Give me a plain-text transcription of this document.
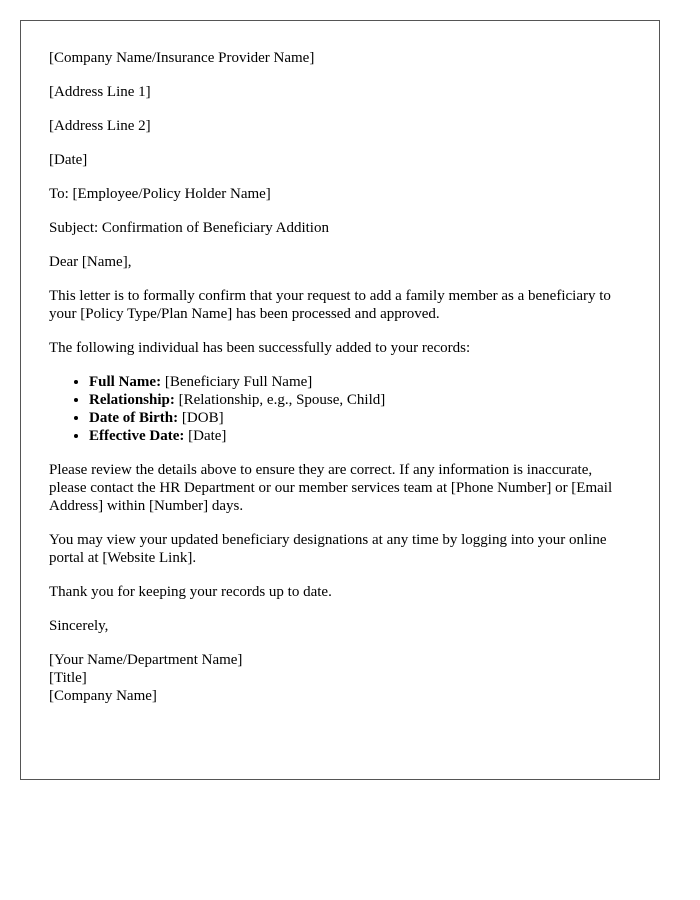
[Company Name/Insurance Provider Name]

[Address Line 1]

[Address Line 2]

[Date]

To: [Employee/Policy Holder Name]

Subject: Confirmation of Beneficiary Addition

Dear [Name],

This letter is to formally confirm that your request to add a family member as a beneficiary to your [Policy Type/Plan Name] has been processed and approved.

The following individual has been successfully added to your records:

• Full Name: [Beneficiary Full Name]
• Relationship: [Relationship, e.g., Spouse, Child]
• Date of Birth: [DOB]
• Effective Date: [Date]

Please review the details above to ensure they are correct. If any information is inaccurate, please contact the HR Department or our member services team at [Phone Number] or [Email Address] within [Number] days.

You may view your updated beneficiary designations at any time by logging into your online portal at [Website Link].

Thank you for keeping your records up to date.

Sincerely,

[Your Name/Department Name]

[Title]

[Company Name]
